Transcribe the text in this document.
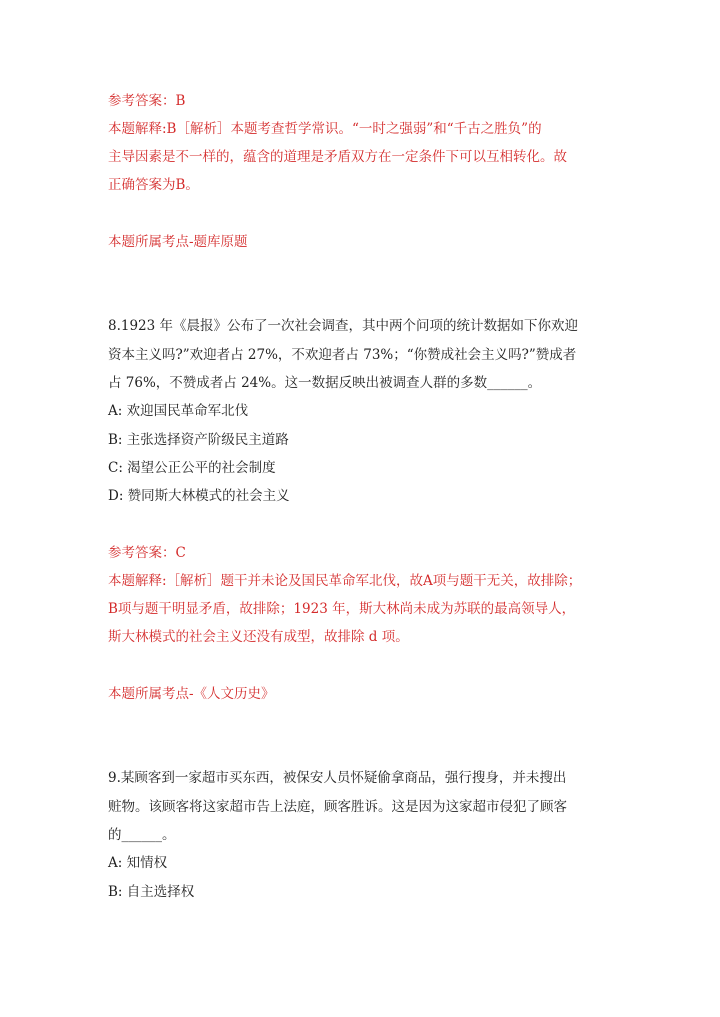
参考答案：B

本题解释:B［解析］本题考查哲学常识。“一时之强弱”和“千古之胜负”的

主导因素是不一样的，蕴含的道理是矛盾双方在一定条件下可以互相转化。故

正确答案为B。

本题所属考点-题库原题

8.1923 年《晨报》公布了一次社会调查，其中两个问项的统计数据如下你欢迎

资本主义吗?”欢迎者占 27%，不欢迎者占 73%；“你赞成社会主义吗?”赞成者

占 76%，不赞成者占 24%。这一数据反映出被调查人群的多数______。

A: 欢迎国民革命军北伐

B: 主张选择资产阶级民主道路

C: 渴望公正公平的社会制度

D: 赞同斯大林模式的社会主义

参考答案：C

本题解释:［解析］题干并未论及国民革命军北伐，故A项与题干无关，故排除；

B项与题干明显矛盾，故排除；1923 年，斯大林尚未成为苏联的最高领导人，

斯大林模式的社会主义还没有成型，故排除 d 项。

本题所属考点-《人文历史》

9.某顾客到一家超市买东西，被保安人员怀疑偷拿商品，强行搜身，并未搜出

赃物。该顾客将这家超市告上法庭，顾客胜诉。这是因为这家超市侵犯了顾客

的______。

A: 知情权

B: 自主选择权
